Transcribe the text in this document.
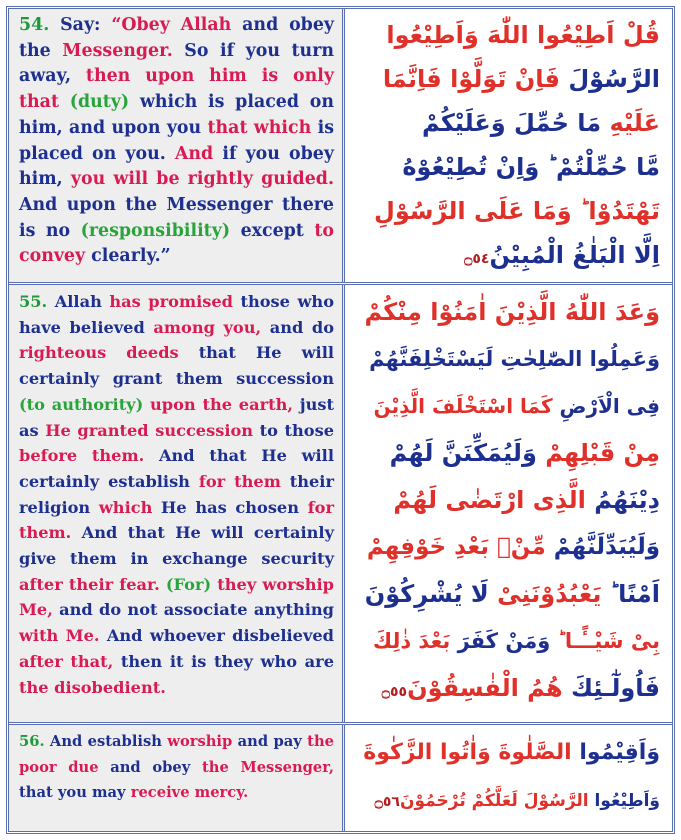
54. Say: “Obey Allah and obey the Messenger. So if you turn away, then upon him is only that (duty) which is placed on him, and upon you that which is placed on you. And if you obey him, you will be rightly guided. And upon the Messenger there is no (responsibility) except to convey clearly.”

قُلْ اَطِيْعُوا اللّٰهَ وَاَطِيْعُوا
الرَّسُوْلَ فَاِنْ تَوَلَّوْا فَاِنَّمَا
عَلَيْهِ مَا حُمِّلَ وَعَلَيْكُمْ
مَّا حُمِّلْتُمْ ؕ وَاِنْ تُطِيْعُوْهُ
تَهْتَدُوْا ؕ وَمَا عَلَى الرَّسُوْلِ
اِلَّا الْبَلٰغُ الْمُبِيْنُ۝٥٤

55. Allah has promised those who have believed among you, and do righteous deeds that He will certainly grant them succession (to authority) upon the earth, just as He granted succession to those before them. And that He will certainly establish for them their religion which He has chosen for them. And that He will certainly give them in exchange security after their fear. (For) they worship Me, and do not associate anything with Me. And whoever disbelieved after that, then it is they who are the disobedient.

وَعَدَ اللّٰهُ الَّذِيْنَ اٰمَنُوْا مِنْكُمْ
وَعَمِلُوا الصّٰلِحٰتِ لَيَسْتَخْلِفَنَّهُمْ
فِى الْاَرْضِ كَمَا اسْتَخْلَفَ الَّذِيْنَ
مِنْ قَبْلِهِمْ وَلَيُمَكِّنَنَّ لَهُمْ
دِيْنَهُمُ الَّذِى ارْتَضٰى لَهُمْ
وَلَيُبَدِّلَنَّهُمْ مِّنْۢ بَعْدِ خَوْفِهِمْ
اَمْنًا ؕ يَعْبُدُوْنَنِىْ لَا يُشْرِكُوْنَ
بِىْ شَيْــًٔـا ؕ وَمَنْ كَفَرَ بَعْدَ ذٰلِكَ
فَاُولٰٓـئِكَ هُمُ الْفٰسِقُوْنَ۝٥٥

56. And establish worship and pay the poor due and obey the Messenger, that you may receive mercy.

وَاَقِيْمُوا الصَّلٰوةَ وَاٰتُوا الزَّكٰوةَ
وَاَطِيْعُوا الرَّسُوْلَ لَعَلَّكُمْ تُرْحَمُوْنَ۝٥٦
